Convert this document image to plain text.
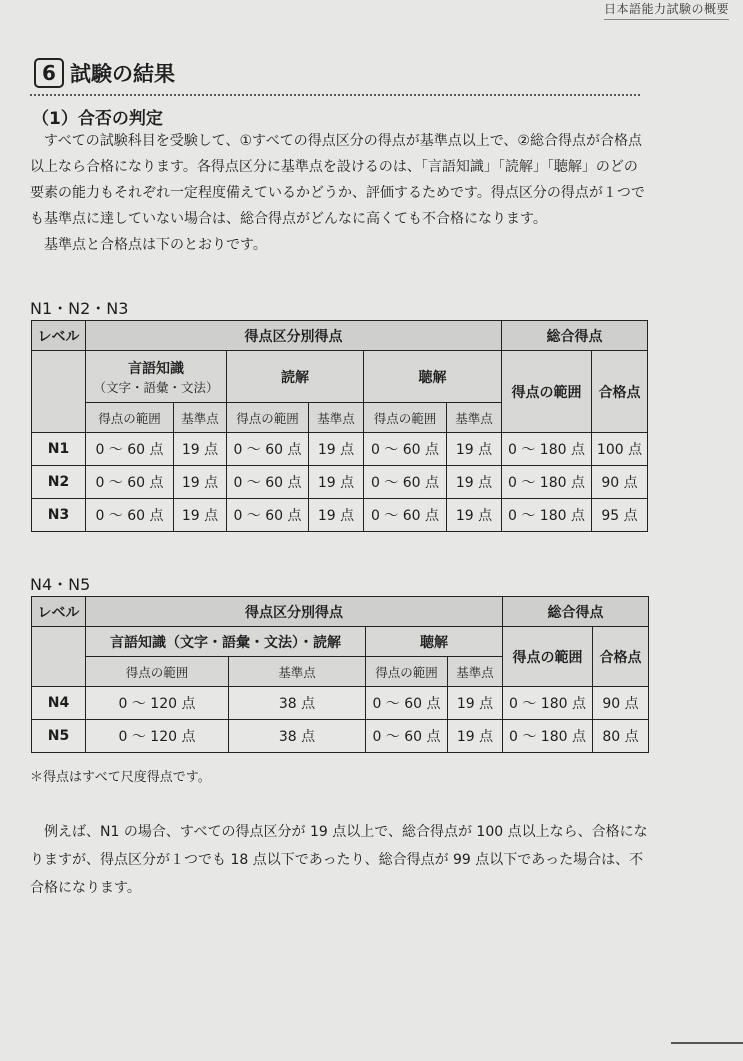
日本語能力試験の概要
6 試験の結果
（1）合否の判定

すべての試験科目を受験して、①すべての得点区分の得点が基準点以上で、②総合得点が合格点以上なら合格になります。各得点区分に基準点を設けるのは、「言語知識」「読解」「聴解」のどの要素の能力もそれぞれ一定程度備えているかどうか、評価するためです。得点区分の得点が１つでも基準点に達していない場合は、総合得点がどんなに高くても不合格になります。

基準点と合格点は下のとおりです。

N1・N2・N3
レベル	得点区分別得点						総合得点	

	言語知識
（文字・語彙・文法）		読解		聴解		得点の範囲	合格点
	得点の範囲	基準点	得点の範囲	基準点	得点の範囲	基準点		
N1	0 ～ 60 点	19 点	0 ～ 60 点	19 点	0 ～ 60 点	19 点	0 ～ 180 点	100 点
N2	0 ～ 60 点	19 点	0 ～ 60 点	19 点	0 ～ 60 点	19 点	0 ～ 180 点	90 点
N3	0 ～ 60 点	19 点	0 ～ 60 点	19 点	0 ～ 60 点	19 点	0 ～ 180 点	95 点
N4・N5
レベル	得点区分別得点				総合得点	
	言語知識（文字・語彙・文法）・読解		聴解		得点の範囲	合格点
	得点の範囲	基準点	得点の範囲	基準点		
N4	0 ～ 120 点	38 点	0 ～ 60 点	19 点	0 ～ 180 点	90 点
N5	0 ～ 120 点	38 点	0 ～ 60 点	19 点	0 ～ 180 点	80 点
＊得点はすべて尺度得点です。

例えば、N1 の場合、すべての得点区分が 19 点以上で、総合得点が 100 点以上なら、合格になりますが、得点区分が１つでも 18 点以下であったり、総合得点が 99 点以下であった場合は、不合格になります。
